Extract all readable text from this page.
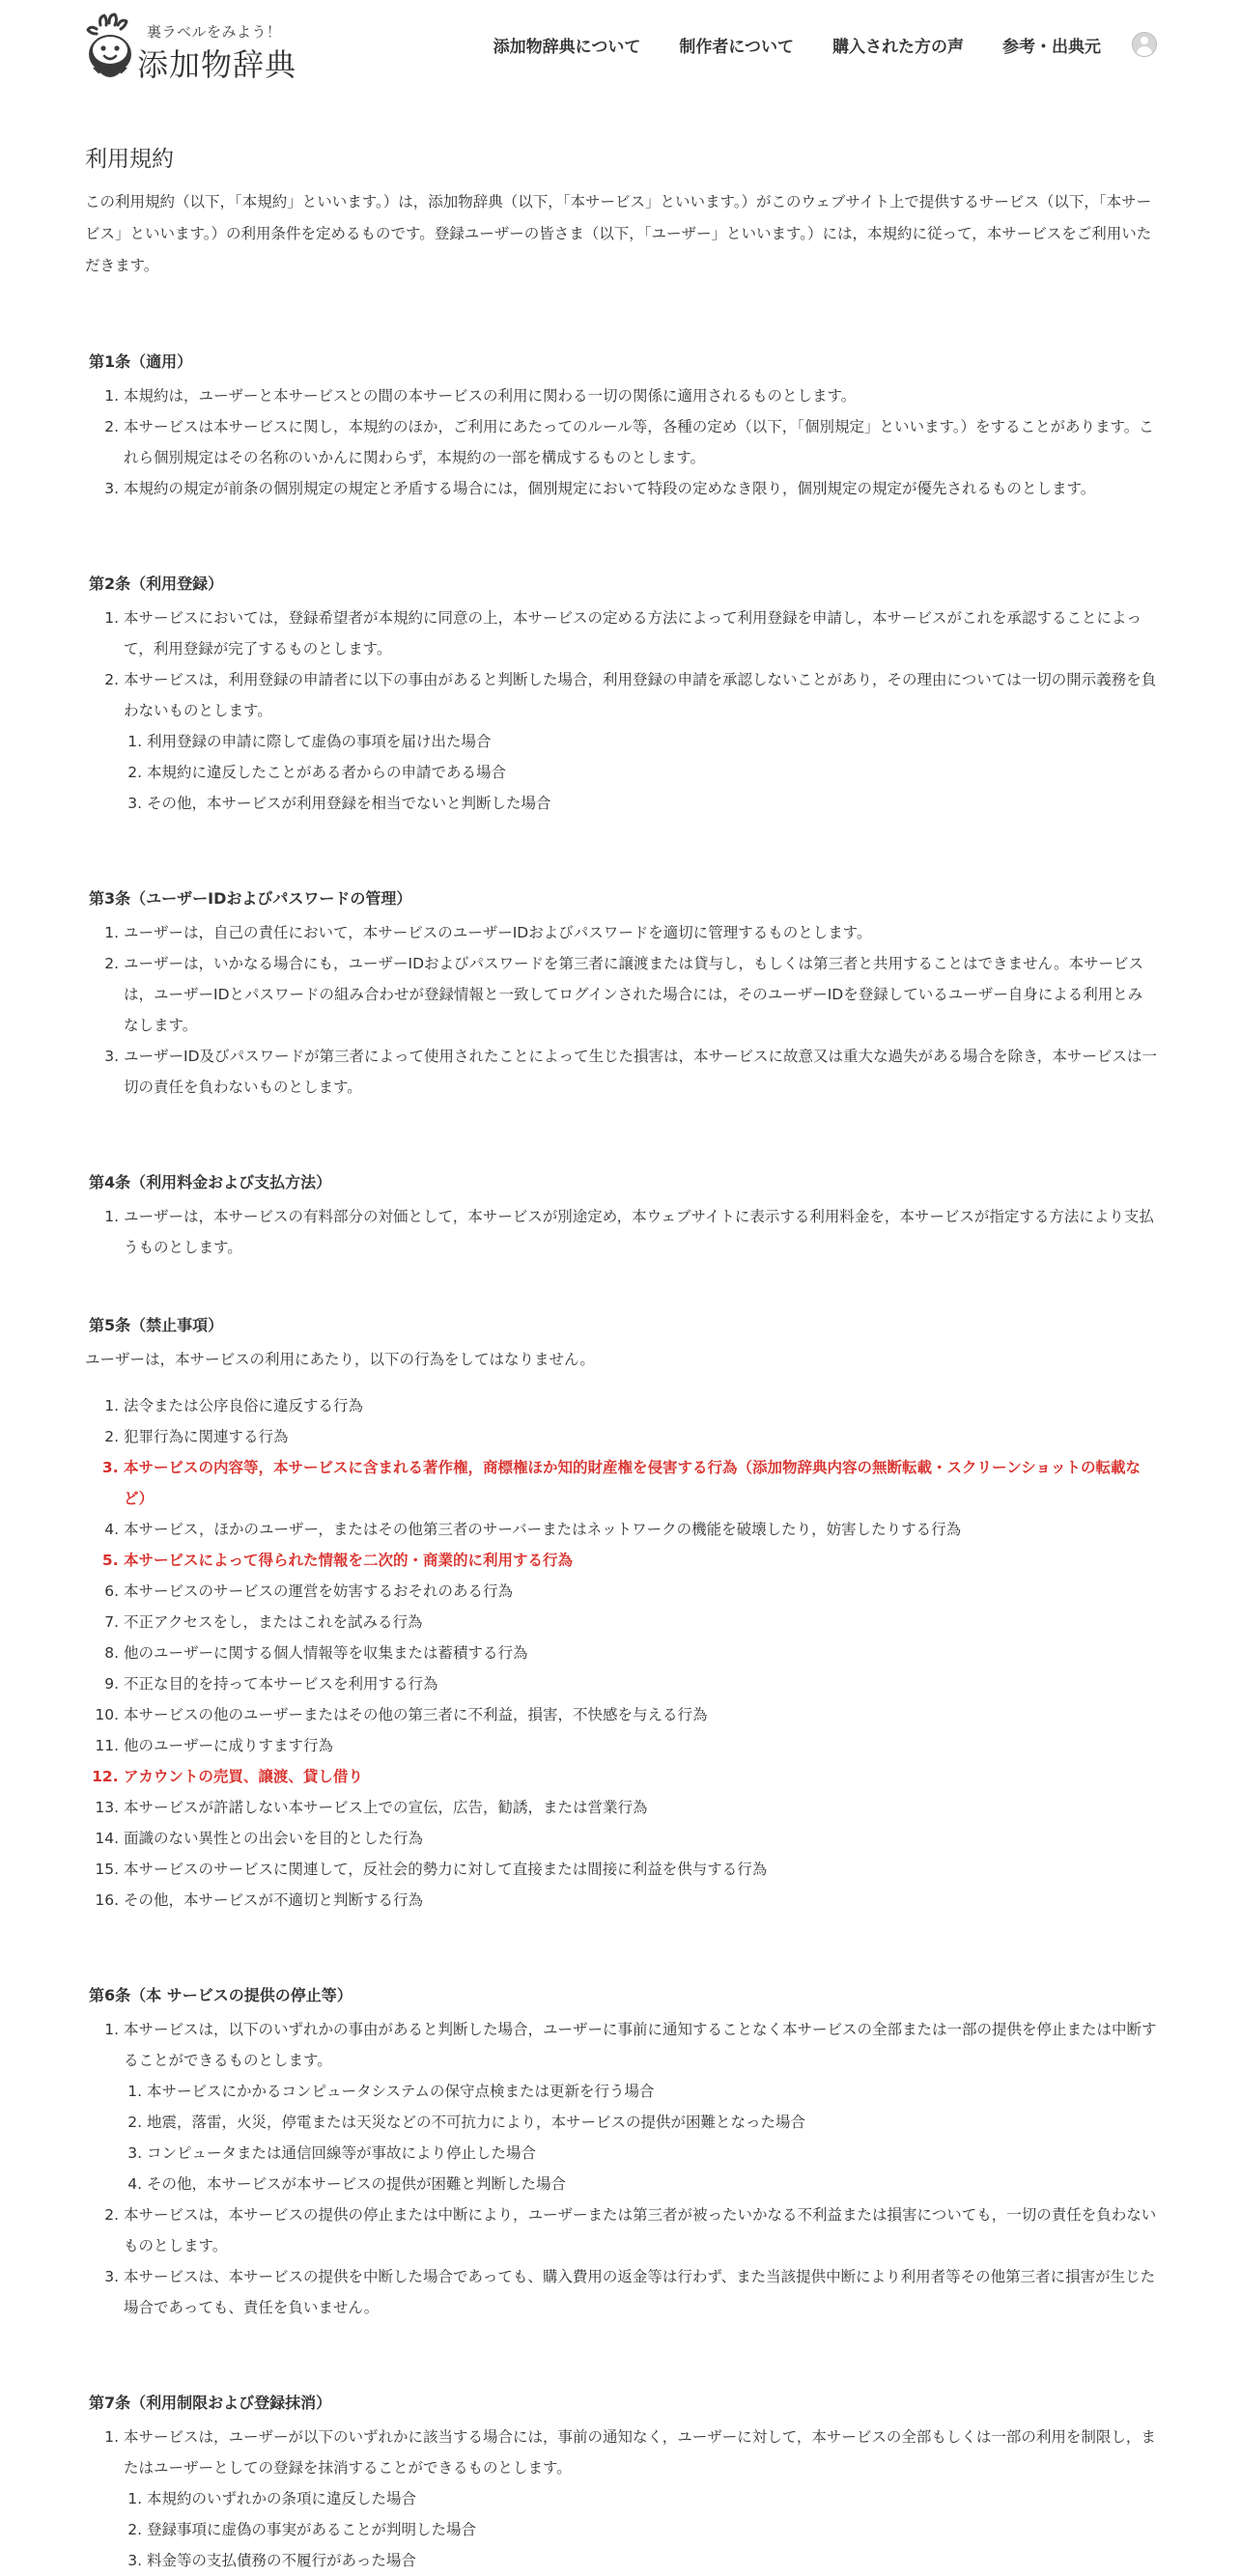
裏ラベルをみよう！
添加物辞典	添加物辞典について 制作者について 購入された方の声 参考・出典元
利用規約

この利用規約（以下，「本規約」といいます。）は，添加物辞典（以下，「本サービス」といいます。）がこのウェブサイト上で提供するサービス（以下，「本サービス」といいます。）の利用条件を定めるものです。登録ユーザーの皆さま（以下，「ユーザー」といいます。）には，本規約に従って，本サービスをご利用いただきます。

第1条（適用）
1. 本規約は，ユーザーと本サービスとの間の本サービスの利用に関わる一切の関係に適用されるものとします。
2. 本サービスは本サービスに関し，本規約のほか，ご利用にあたってのルール等，各種の定め（以下，「個別規定」といいます。）をすることがあります。これら個別規定はその名称のいかんに関わらず，本規約の一部を構成するものとします。
3. 本規約の規定が前条の個別規定の規定と矛盾する場合には，個別規定において特段の定めなき限り，個別規定の規定が優先されるものとします。
第2条（利用登録）
1. 本サービスにおいては，登録希望者が本規約に同意の上，本サービスの定める方法によって利用登録を申請し，本サービスがこれを承認することによって，利用登録が完了するものとします。
2. 本サービスは，利用登録の申請者に以下の事由があると判断した場合，利用登録の申請を承認しないことがあり，その理由については一切の開示義務を負わないものとします。
1. 利用登録の申請に際して虚偽の事項を届け出た場合
2. 本規約に違反したことがある者からの申請である場合
3. その他，本サービスが利用登録を相当でないと判断した場合
第3条（ユーザーIDおよびパスワードの管理）
1. ユーザーは，自己の責任において，本サービスのユーザーIDおよびパスワードを適切に管理するものとします。
2. ユーザーは，いかなる場合にも，ユーザーIDおよびパスワードを第三者に譲渡または貸与し，もしくは第三者と共用することはできません。本サービスは，ユーザーIDとパスワードの組み合わせが登録情報と一致してログインされた場合には，そのユーザーIDを登録しているユーザー自身による利用とみなします。
3. ユーザーID及びパスワードが第三者によって使用されたことによって生じた損害は，本サービスに故意又は重大な過失がある場合を除き，本サービスは一切の責任を負わないものとします。
第4条（利用料金および支払方法）
1. ユーザーは，本サービスの有料部分の対価として，本サービスが別途定め，本ウェブサイトに表示する利用料金を，本サービスが指定する方法により支払うものとします。
第5条（禁止事項）

ユーザーは，本サービスの利用にあたり，以下の行為をしてはなりません。

1. 法令または公序良俗に違反する行為
2. 犯罪行為に関連する行為
3. 本サービスの内容等，本サービスに含まれる著作権，商標権ほか知的財産権を侵害する行為（添加物辞典内容の無断転載・スクリーンショットの転載など）
4. 本サービス，ほかのユーザー，またはその他第三者のサーバーまたはネットワークの機能を破壊したり，妨害したりする行為
5. 本サービスによって得られた情報を二次的・商業的に利用する行為
6. 本サービスのサービスの運営を妨害するおそれのある行為
7. 不正アクセスをし，またはこれを試みる行為
8. 他のユーザーに関する個人情報等を収集または蓄積する行為
9. 不正な目的を持って本サービスを利用する行為
10. 本サービスの他のユーザーまたはその他の第三者に不利益，損害，不快感を与える行為
11. 他のユーザーに成りすます行為
12. アカウントの売買、譲渡、貸し借り
13. 本サービスが許諾しない本サービス上での宣伝，広告，勧誘，または営業行為
14. 面識のない異性との出会いを目的とした行為
15. 本サービスのサービスに関連して，反社会的勢力に対して直接または間接に利益を供与する行為
16. その他，本サービスが不適切と判断する行為
第6条（本 サービスの提供の停止等）
1. 本サービスは，以下のいずれかの事由があると判断した場合，ユーザーに事前に通知することなく本サービスの全部または一部の提供を停止または中断することができるものとします。
1. 本サービスにかかるコンピュータシステムの保守点検または更新を行う場合
2. 地震，落雷，火災，停電または天災などの不可抗力により，本サービスの提供が困難となった場合
3. コンピュータまたは通信回線等が事故により停止した場合
4. その他，本サービスが本サービスの提供が困難と判断した場合
2. 本サービスは，本サービスの提供の停止または中断により，ユーザーまたは第三者が被ったいかなる不利益または損害についても，一切の責任を負わないものとします。
3. 本サービスは、本サービスの提供を中断した場合であっても、購入費用の返金等は行わず、また当該提供中断により利用者等その他第三者に損害が生じた場合であっても、責任を負いません。
第7条（利用制限および登録抹消）
1. 本サービスは，ユーザーが以下のいずれかに該当する場合には，事前の通知なく，ユーザーに対して，本サービスの全部もしくは一部の利用を制限し，またはユーザーとしての登録を抹消することができるものとします。
1. 本規約のいずれかの条項に違反した場合
2. 登録事項に虚偽の事実があることが判明した場合
3. 料金等の支払債務の不履行があった場合
